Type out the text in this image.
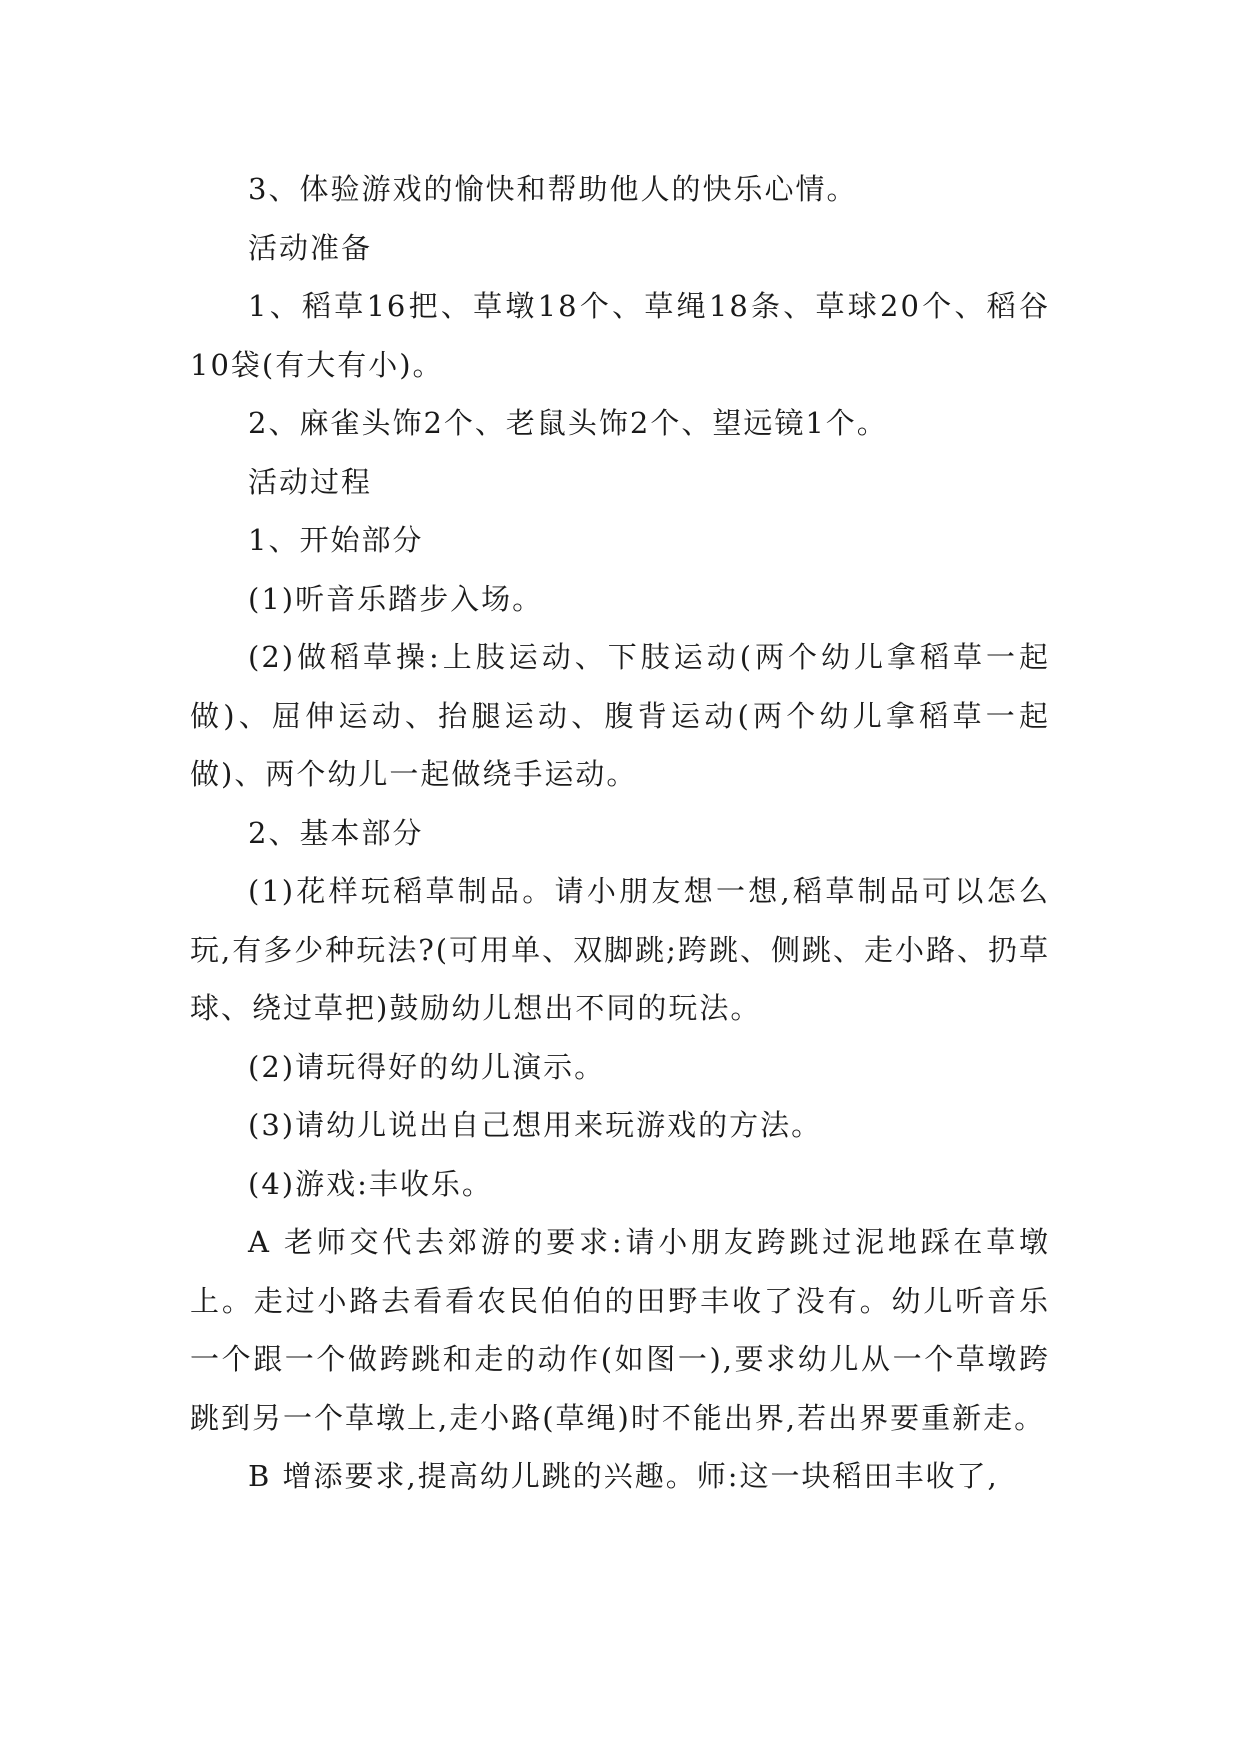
3、体验游戏的愉快和帮助他人的快乐心情。

活动准备

1、稻草16把、草墩18个、草绳18条、草球20个、稻谷10袋(有大有小)。

2、麻雀头饰2个、老鼠头饰2个、望远镜1个。

活动过程

1、开始部分

(1)听音乐踏步入场。

(2)做稻草操:上肢运动、下肢运动(两个幼儿拿稻草一起做)、屈伸运动、抬腿运动、腹背运动(两个幼儿拿稻草一起做)、两个幼儿一起做绕手运动。

2、基本部分

(1)花样玩稻草制品。请小朋友想一想,稻草制品可以怎么玩,有多少种玩法?(可用单、双脚跳;跨跳、侧跳、走小路、扔草球、绕过草把)鼓励幼儿想出不同的玩法。

(2)请玩得好的幼儿演示。

(3)请幼儿说出自己想用来玩游戏的方法。

(4)游戏:丰收乐。

A 老师交代去郊游的要求:请小朋友跨跳过泥地踩在草墩上。走过小路去看看农民伯伯的田野丰收了没有。幼儿听音乐一个跟一个做跨跳和走的动作(如图一),要求幼儿从一个草墩跨跳到另一个草墩上,走小路(草绳)时不能出界,若出界要重新走。

B 增添要求,提高幼儿跳的兴趣。师:这一块稻田丰收了,
